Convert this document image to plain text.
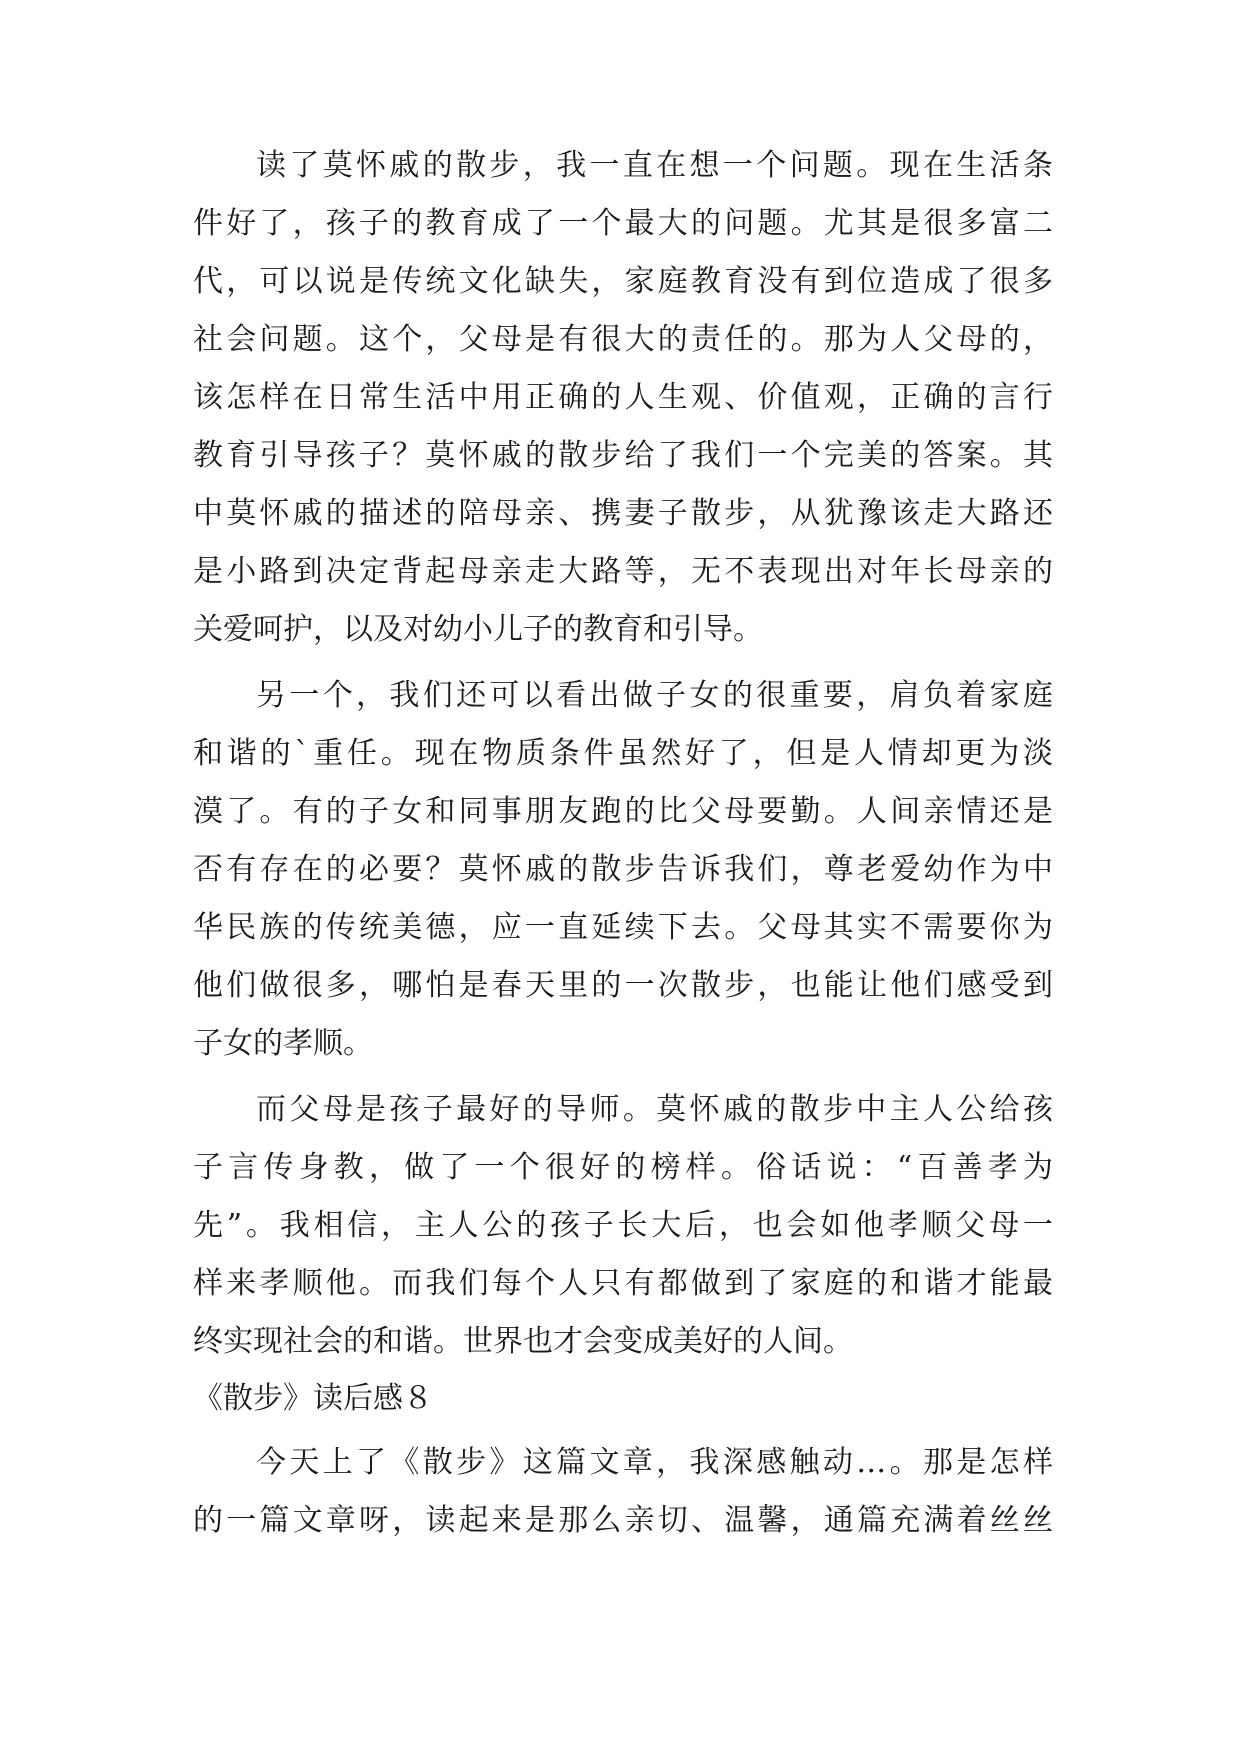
读了莫怀戚的散步，我一直在想一个问题。现在生活条
件好了，孩子的教育成了一个最大的问题。尤其是很多富二
代，可以说是传统文化缺失，家庭教育没有到位造成了很多
社会问题。这个，父母是有很大的责任的。那为人父母的，
该怎样在日常生活中用正确的人生观、价值观，正确的言行
教育引导孩子？莫怀戚的散步给了我们一个完美的答案。其
中莫怀戚的描述的陪母亲、携妻子散步，从犹豫该走大路还
是小路到决定背起母亲走大路等，无不表现出对年长母亲的
关爱呵护，以及对幼小儿子的教育和引导。
另一个，我们还可以看出做子女的很重要，肩负着家庭
和谐的`重任。现在物质条件虽然好了，但是人情却更为淡
漠了。有的子女和同事朋友跑的比父母要勤。人间亲情还是
否有存在的必要？莫怀戚的散步告诉我们，尊老爱幼作为中
华民族的传统美德，应一直延续下去。父母其实不需要你为
他们做很多，哪怕是春天里的一次散步，也能让他们感受到
子女的孝顺。
而父母是孩子最好的导师。莫怀戚的散步中主人公给孩
子言传身教，做了一个很好的榜样。俗话说：“百善孝为
先”。我相信，主人公的孩子长大后，也会如他孝顺父母一
样来孝顺他。而我们每个人只有都做到了家庭的和谐才能最
终实现社会的和谐。世界也才会变成美好的人间。
《散步》读后感８
今天上了《散步》这篇文章，我深感触动…。那是怎样
的一篇文章呀，读起来是那么亲切、温馨，通篇充满着丝丝
